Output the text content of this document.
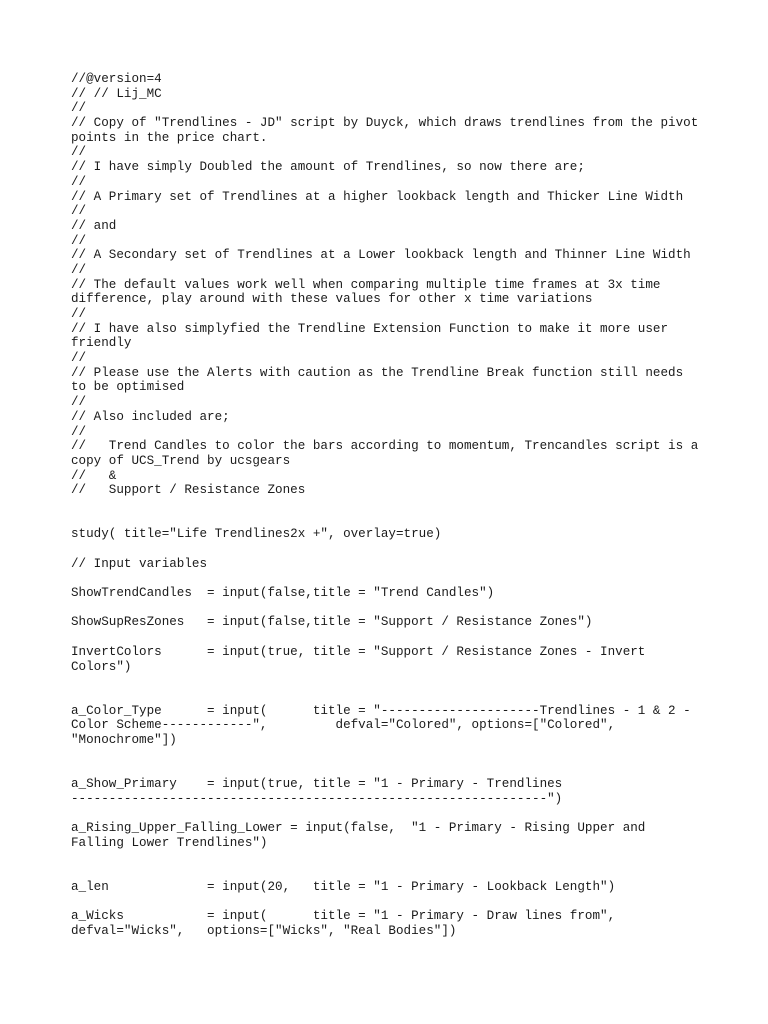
//@version=4
// // Lij_MC
//
// Copy of "Trendlines - JD" script by Duyck, which draws trendlines from the pivot
points in the price chart.
//
// I have simply Doubled the amount of Trendlines, so now there are;
//
// A Primary set of Trendlines at a higher lookback length and Thicker Line Width
//
// and
//
// A Secondary set of Trendlines at a Lower lookback length and Thinner Line Width
//
// The default values work well when comparing multiple time frames at 3x time
difference, play around with these values for other x time variations
//
// I have also simplyfied the Trendline Extension Function to make it more user
friendly
//
// Please use the Alerts with caution as the Trendline Break function still needs
to be optimised
//
// Also included are;
//
//   Trend Candles to color the bars according to momentum, Trencandles script is a
copy of UCS_Trend by ucsgears
//   &
//   Support / Resistance Zones
study( title="Life Trendlines2x +", overlay=true)
// Input variables
ShowTrendCandles  = input(false,title = "Trend Candles")
ShowSupResZones   = input(false,title = "Support / Resistance Zones")
InvertColors      = input(true, title = "Support / Resistance Zones - Invert
Colors")
a_Color_Type      = input(      title = "---------------------Trendlines - 1 & 2 -
Color Scheme------------",         defval="Colored", options=["Colored",
"Monochrome"])
a_Show_Primary    = input(true, title = "1 - Primary - Trendlines
---------------------------------------------------------------")
a_Rising_Upper_Falling_Lower = input(false,  "1 - Primary - Rising Upper and
Falling Lower Trendlines")
a_len             = input(20,   title = "1 - Primary - Lookback Length")
a_Wicks           = input(      title = "1 - Primary - Draw lines from",
defval="Wicks",   options=["Wicks", "Real Bodies"])
